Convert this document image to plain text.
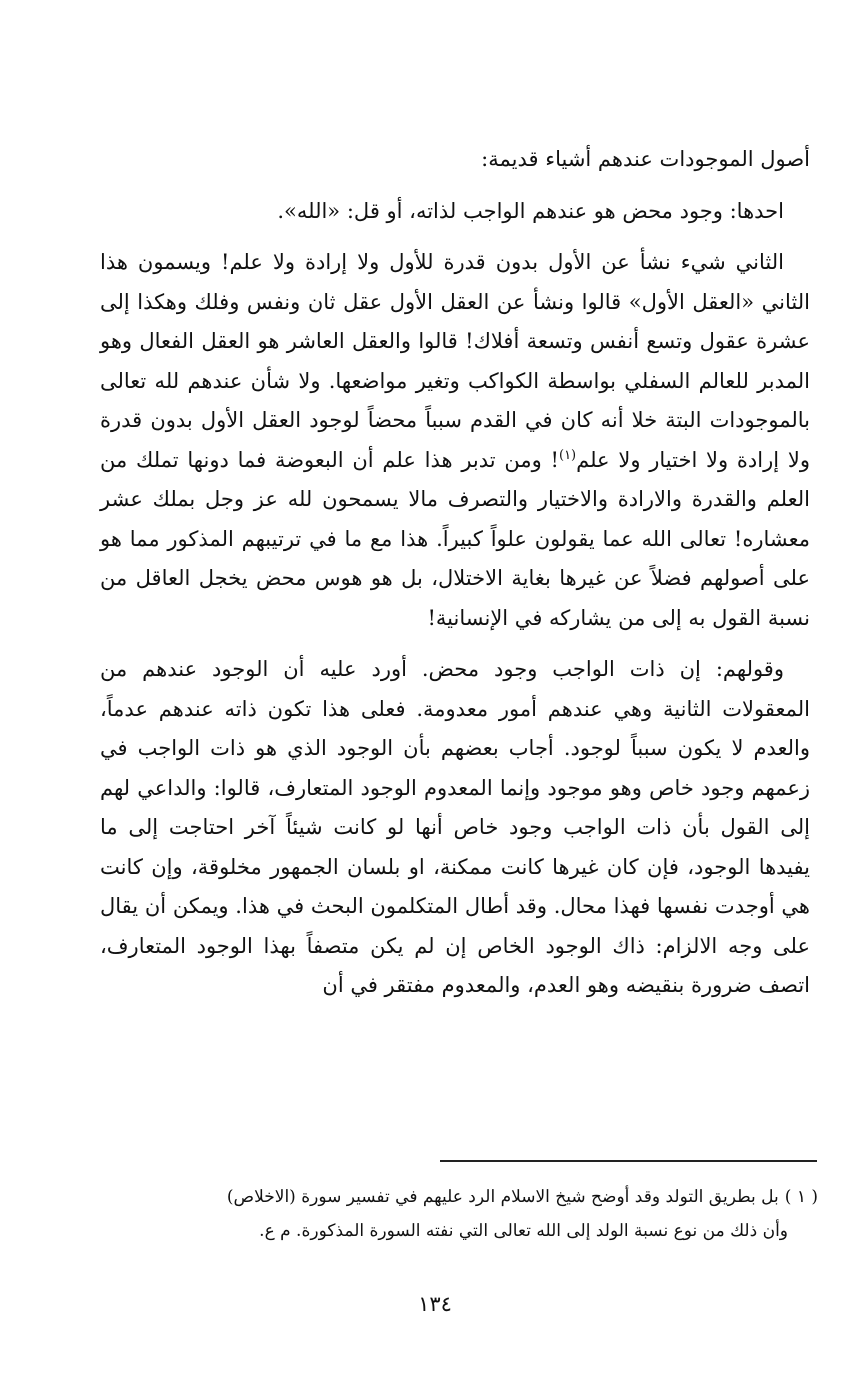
أصول الموجودات عندهم أشياء قديمة:

احدها: وجود محض هو عندهم الواجب لذاته، أو قل: «الله».

الثاني شيء نشأ عن الأول بدون قدرة للأول ولا إرادة ولا علم! ويسمون هذا الثاني «العقل الأول» قالوا ونشأ عن العقل الأول عقل ثان ونفس وفلك وهكذا إلى عشرة عقول وتسع أنفس وتسعة أفلاك! قالوا والعقل العاشر هو العقل الفعال وهو المدبر للعالم السفلي بواسطة الكواكب وتغير مواضعها. ولا شأن عندهم لله تعالى بالموجودات البتة خلا أنه كان في القدم سبباً محضاً لوجود العقل الأول بدون قدرة ولا إرادة ولا اختيار ولا علم$^{(١)}$! ومن تدبر هذا علم أن البعوضة فما دونها تملك من العلم والقدرة والارادة والاختيار والتصرف مالا يسمحون لله عز وجل بملك عشر معشاره! تعالى الله عما يقولون علواً كبيراً. هذا مع ما في ترتيبهم المذكور مما هو على أصولهم فضلاً عن غيرها بغاية الاختلال، بل هو هوس محض يخجل العاقل من نسبة القول به إلى من يشاركه في الإنسانية!

وقولهم: إن ذات الواجب وجود محض. أورد عليه أن الوجود عندهم من المعقولات الثانية وهي عندهم أمور معدومة. فعلى هذا تكون ذاته عندهم عدماً، والعدم لا يكون سبباً لوجود. أجاب بعضهم بأن الوجود الذي هو ذات الواجب في زعمهم وجود خاص وهو موجود وإنما المعدوم الوجود المتعارف، قالوا: والداعي لهم إلى القول بأن ذات الواجب وجود خاص أنها لو كانت شيئاً آخر احتاجت إلى ما يفيدها الوجود، فإن كان غيرها كانت ممكنة، او بلسان الجمهور مخلوقة، وإن كانت هي أوجدت نفسها فهذا محال. وقد أطال المتكلمون البحث في هذا. ويمكن أن يقال على وجه الالزام: ذاك الوجود الخاص إن لم يكن متصفاً بهذا الوجود المتعارف، اتصف ضرورة بنقيضه وهو العدم، والمعدوم مفتقر في أن

( ١ )بل بطريق التولد وقد أوضح شيخ الاسلام الرد عليهم في تفسير سورة (الاخلاص)

وأن ذلك من نوع نسبة الولد إلى الله تعالى التي نفته السورة المذكورة. م ع.

١٣٤
